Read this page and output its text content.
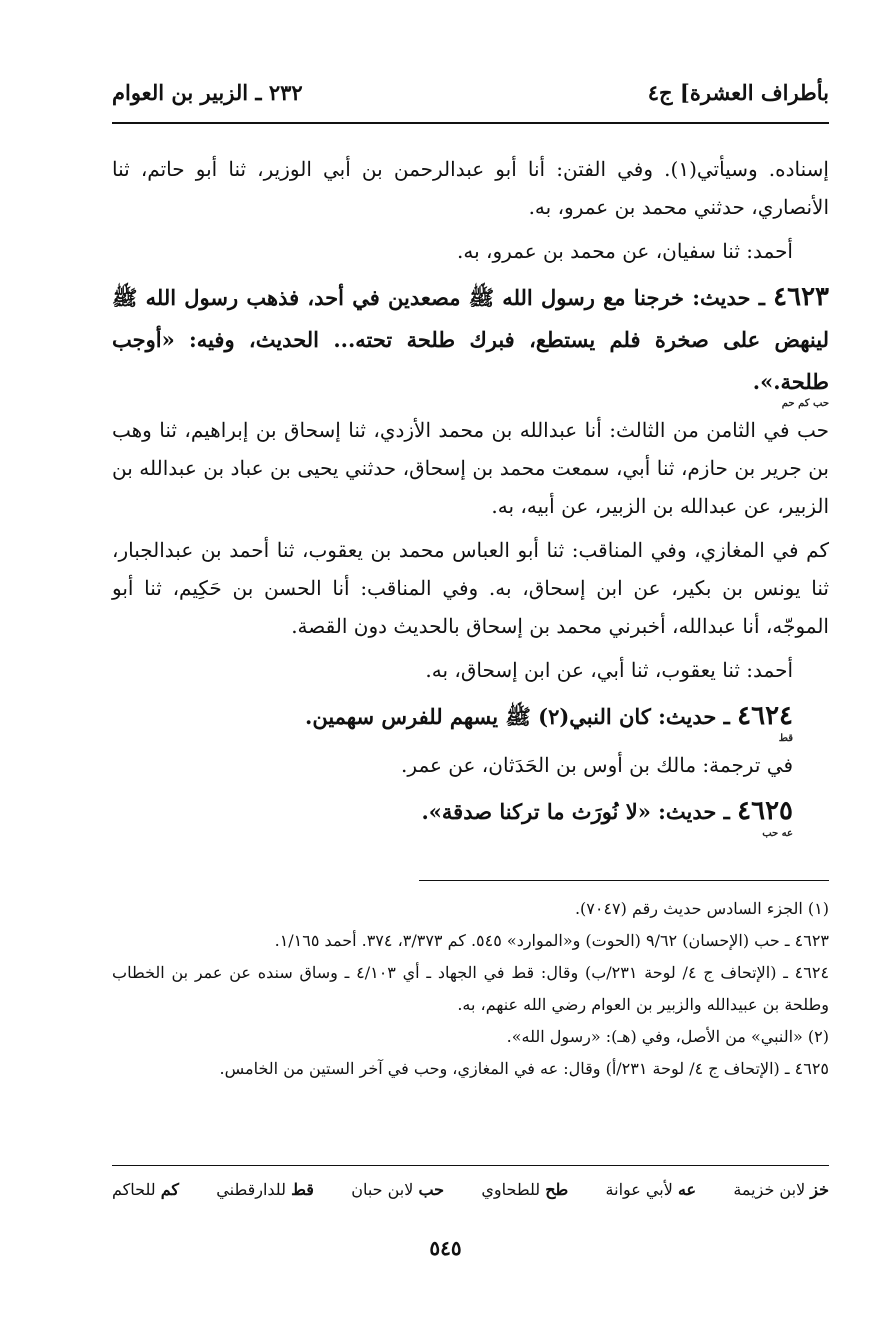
بأطراف العشرة] ج٤
٢٣٢ ـ الزبير بن العوام

إسناده. وسيأتي(١). وفي الفتن: أنا أبو عبدالرحمن بن أبي الوزير، ثنا أبو حاتم، ثنا الأنصاري، حدثني محمد بن عمرو، به.

أحمد: ثنا سفيان، عن محمد بن عمرو، به.

٤٦٢٣ ـ حديث: خرجنا مع رسول الله ﷺ مصعدين في أحد، فذهب رسول الله ﷺ لينهض على صخرة فلم يستطع، فبرك طلحة تحته... الحديث، وفيه: «أوجب طلحة.».
حب كم حم

حب في الثامن من الثالث: أنا عبدالله بن محمد الأزدي، ثنا إسحاق بن إبراهيم، ثنا وهب بن جرير بن حازم، ثنا أبي، سمعت محمد بن إسحاق، حدثني يحيى بن عباد بن عبدالله بن الزبير، عن عبدالله بن الزبير، عن أبيه، به.

كم في المغازي، وفي المناقب: ثنا أبو العباس محمد بن يعقوب، ثنا أحمد بن عبدالجبار، ثنا يونس بن بكير، عن ابن إسحاق، به. وفي المناقب: أنا الحسن بن حَكِيم، ثنا أبو الموجّه، أنا عبدالله، أخبرني محمد بن إسحاق بالحديث دون القصة.

أحمد: ثنا يعقوب، ثنا أبي، عن ابن إسحاق، به.

٤٦٢٤ ـ حديث: كان النبي(٢) ﷺ يسهم للفرس سهمين.
قط

في ترجمة: مالك بن أوس بن الحَدَثان، عن عمر.

٤٦٢٥ ـ حديث: «لا نُورَث ما تركنا صدقة».
عه حب

(١) الجزء السادس حديث رقم (٧٠٤٧).

٤٦٢٣ ـ حب (الإحسان) ٩/٦٢ (الحوت) و«الموارد» ٥٤٥. كم ٣/٣٧٣، ٣٧٤. أحمد ١/١٦٥.

٤٦٢٤ ـ (الإتحاف ج ٤/ لوحة ٢٣١/ب) وقال: قط في الجهاد ـ أي ٤/١٠٣ ـ وساق سنده عن عمر بن الخطاب وطلحة بن عبيدالله والزبير بن العوام رضي الله عنهم، به.

(٢) «النبي» من الأصل، وفي (هـ): «رسول الله».

٤٦٢٥ ـ (الإتحاف ج ٤/ لوحة ٢٣١/أ) وقال: عه في المغازي، وحب في آخر الستين من الخامس.

خز لابن خزيمة
عه لأبي عوانة
طح للطحاوي
حب لابن حبان
قط للدارقطني
كم للحاكم
٥٤٥
